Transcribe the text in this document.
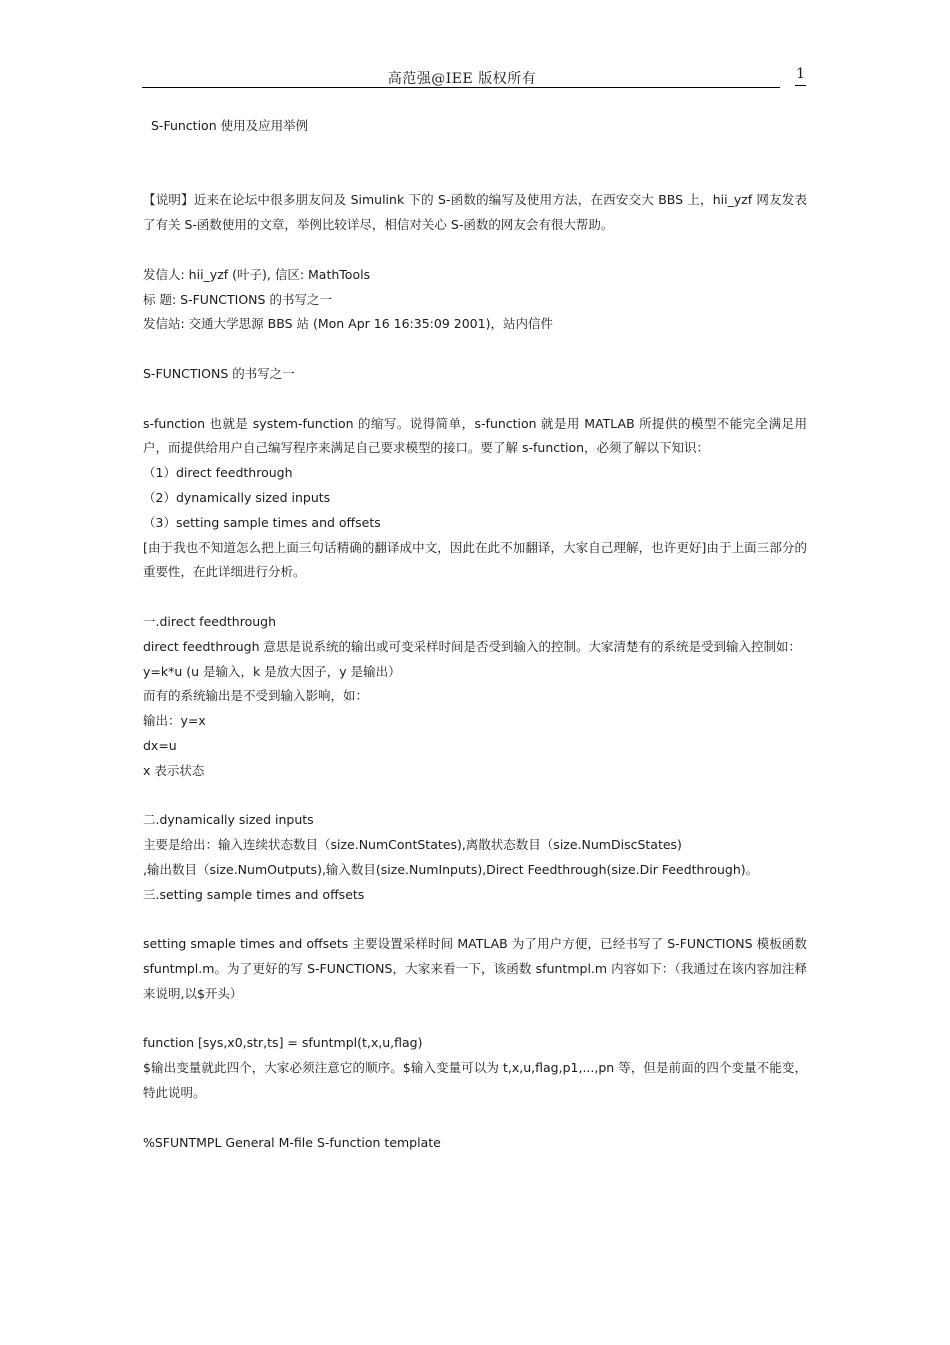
高范强@IEE 版权所有	1

S-Function 使用及应用举例

【说明】近来在论坛中很多朋友问及 Simulink 下的 S-函数的编写及使用方法，在西安交大 BBS 上，hii_yzf 网友发表了有关 S-函数使用的文章，举例比较详尽，相信对关心 S-函数的网友会有很大帮助。

发信人: hii_yzf (叶子), 信区: MathTools

标 题: S-FUNCTIONS 的书写之一

发信站: 交通大学思源 BBS 站 (Mon Apr 16 16:35:09 2001)，站内信件

S-FUNCTIONS 的书写之一

s-function 也就是 system-function 的缩写。说得简单，s-function 就是用 MATLAB 所提供的模型不能完全满足用户，而提供给用户自己编写程序来满足自己要求模型的接口。要了解 s-function，必须了解以下知识：

（1）direct feedthrough

（2）dynamically sized inputs

（3）setting sample times and offsets

[由于我也不知道怎么把上面三句话精确的翻译成中文，因此在此不加翻译，大家自己理解，也许更好]由于上面三部分的重要性，在此详细进行分析。

一.direct feedthrough

direct feedthrough 意思是说系统的输出或可变采样时间是否受到输入的控制。大家清楚有的系统是受到输入控制如：

y=k*u (u 是输入，k 是放大因子，y 是输出）

而有的系统输出是不受到输入影响，如：

输出：y=x

dx=u

x 表示状态

二.dynamically sized inputs

主要是给出：输入连续状态数目（size.NumContStates),离散状态数目（size.NumDiscStates)

,输出数目（size.NumOutputs),输入数目(size.NumInputs),Direct Feedthrough(size.Dir Feedthrough)。

三.setting sample times and offsets

setting smaple times and offsets 主要设置采样时间 MATLAB 为了用户方便，已经书写了 S-FUNCTIONS 模板函数 sfuntmpl.m。为了更好的写 S-FUNCTIONS，大家来看一下，该函数 sfuntmpl.m 内容如下：（我通过在该内容加注释来说明,以$开头）

function [sys,x0,str,ts] = sfuntmpl(t,x,u,flag)

$输出变量就此四个，大家必须注意它的顺序。$输入变量可以为 t,x,u,flag,p1,...,pn 等，但是前面的四个变量不能变，特此说明。

%SFUNTMPL General M-file S-function template
